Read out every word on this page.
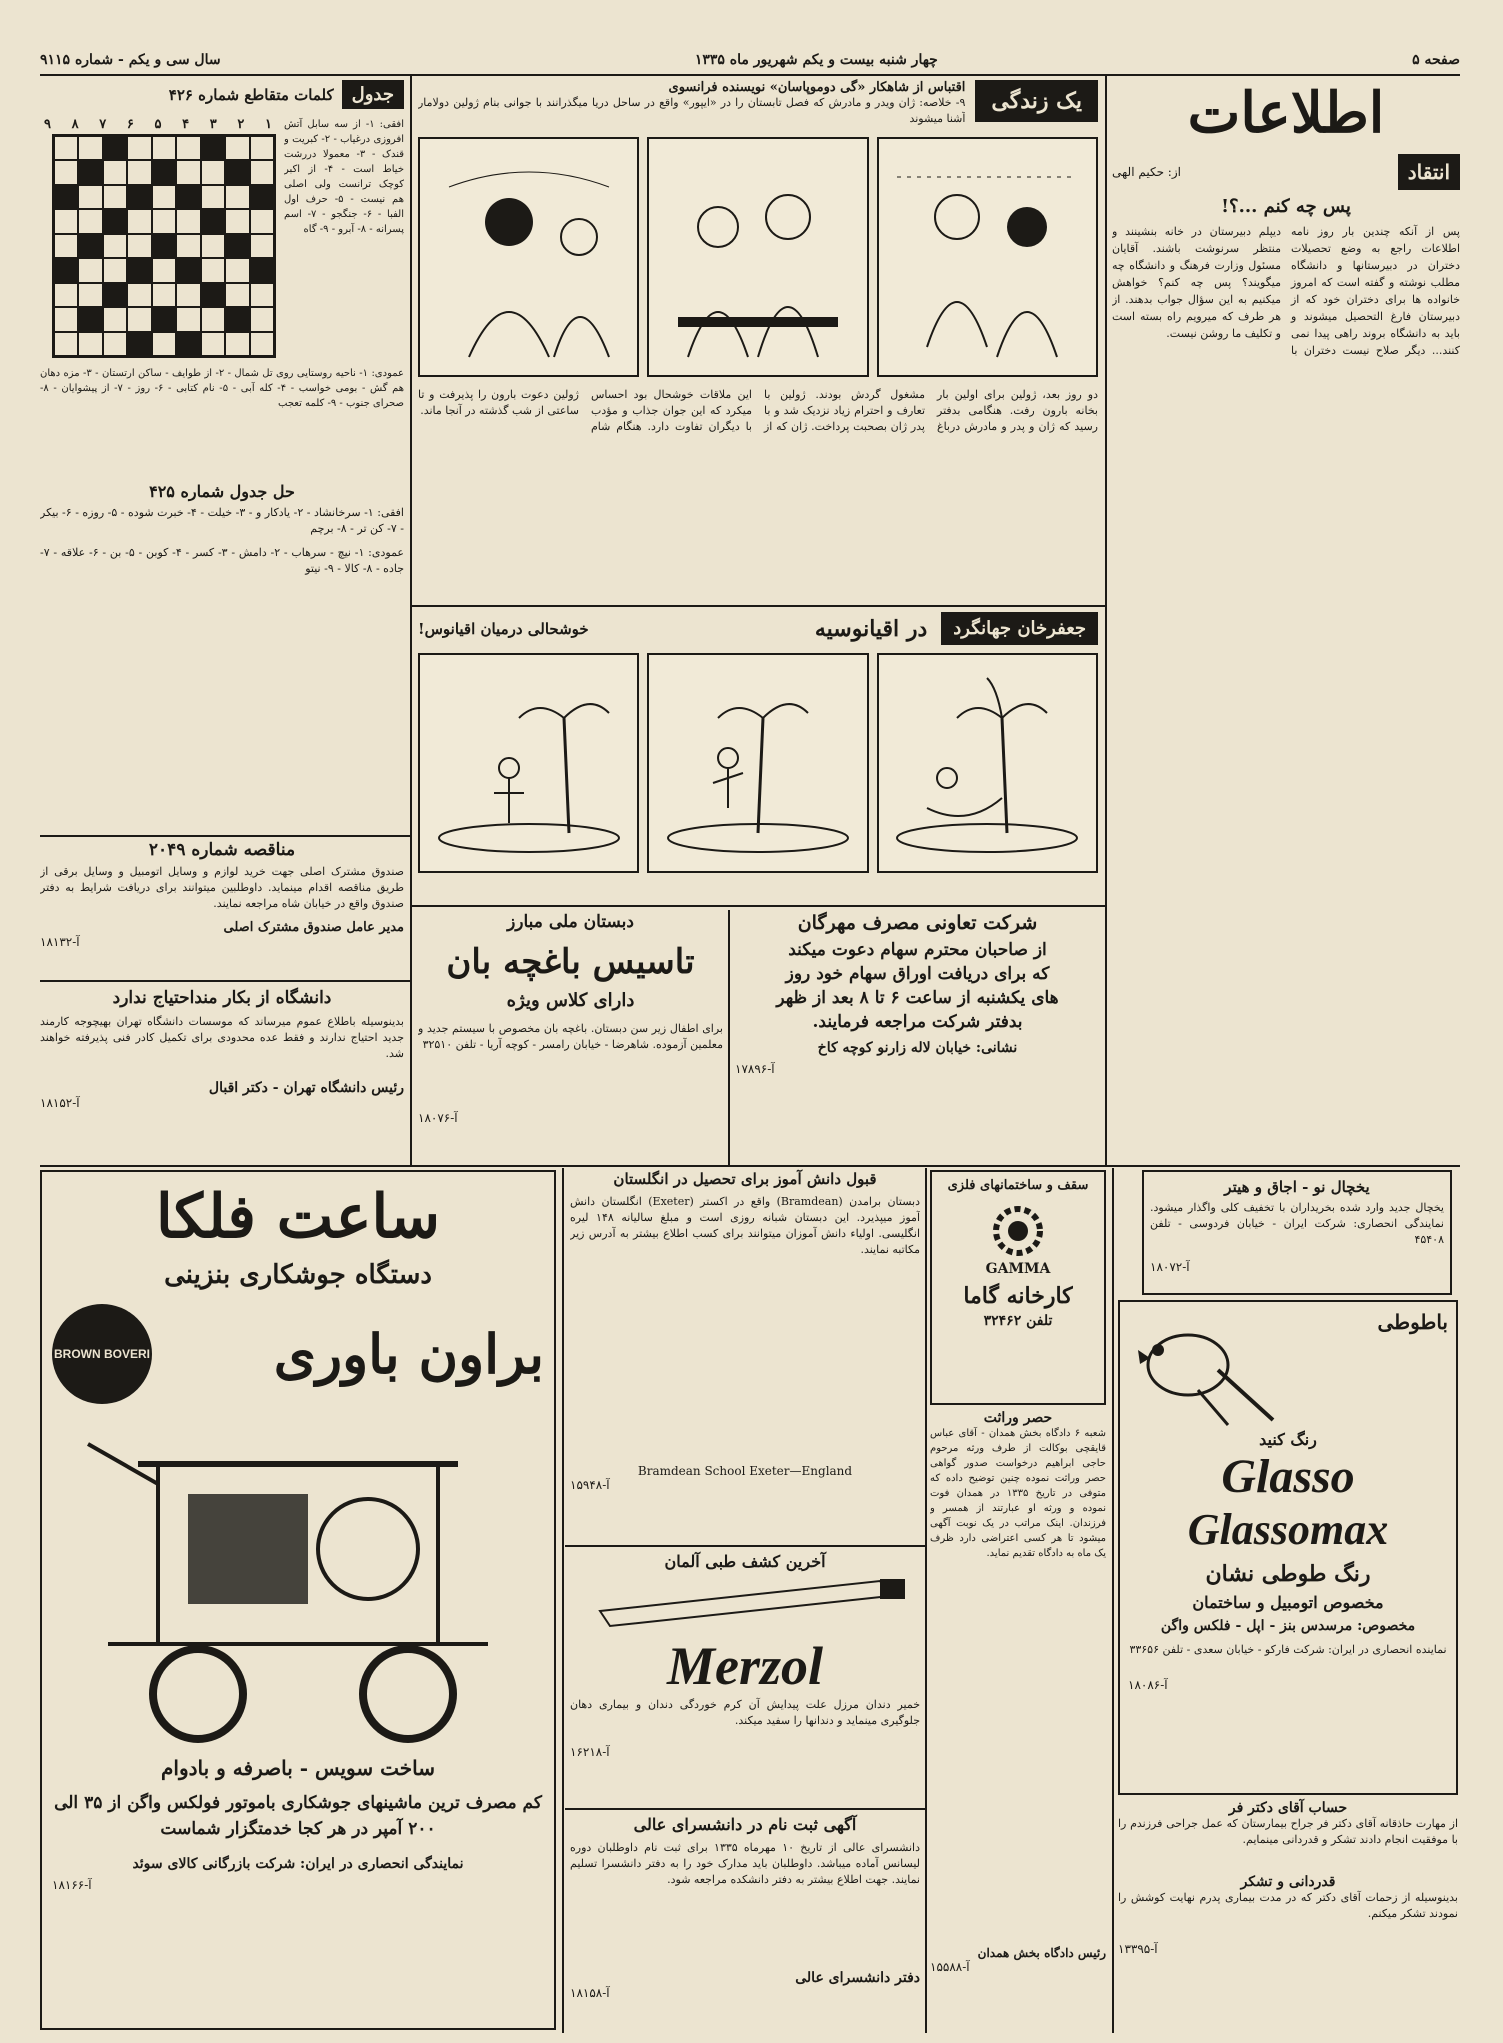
صفحه ۵
چهار شنبه بیست و یکم شهریور ماه ۱۳۳۵
سال سی و یکم - شماره ۹۱۱۵
اطلاعات
انتقاد
از: حکیم الهی
پس چه کنم ...؟!
پس از آنکه چندین بار روز نامه اطلاعات راجع به وضع تحصیلات دختران در دبیرستانها و دانشگاه مطلب نوشته و گفته است که امروز خانواده ها برای دختران خود که از دبیرستان فارغ التحصیل میشوند و باید به دانشگاه بروند راهی پیدا نمی کنند... دیگر صلاح نیست دختران با دیپلم دبیرستان در خانه بنشینند و منتظر سرنوشت باشند. آقایان مسئول وزارت فرهنگ و دانشگاه چه میگویند؟ پس چه کنم؟ خواهش میکنیم به این سؤال جواب بدهند. از هر طرف که میرویم راه بسته است و تکلیف ما روشن نیست.
یک زندگی
اقتباس از شاهکار «گی دوموپاسان» نویسنده فرانسوی
۹- خلاصه: ژان ویدر و مادرش که فصل تابستان را در «ایپور» واقع در ساحل دریا میگذرانند با جوانی بنام ژولین دولامار آشنا میشوند
دو روز بعد، ژولین برای اولین بار بخانه بارون رفت. هنگامی بدفتر رسید که ژان و پدر و مادرش درباغ مشغول گردش بودند. ژولین با تعارف و احترام زیاد نزدیک شد و با پدر ژان بصحبت پرداخت. ژان که از این ملاقات خوشحال بود احساس میکرد که این جوان جذاب و مؤدب با دیگران تفاوت دارد. هنگام شام ژولین دعوت بارون را پذیرفت و تا ساعتی از شب گذشته در آنجا ماند.
جعفرخان جهانگرد
در اقیانوسیه
خوشحالی درمیان اقیانوس!
شرکت تعاونی مصرف مهرگان
از صاحبان محترم سهام دعوت میکند
که برای دریافت اوراق سهام خود روز
های یکشنبه از ساعت ۶ تا ۸ بعد از ظهر
بدفتر شرکت مراجعه فرمایند.
نشانی: خیابان لاله زارنو کوچه کاخ
آ-۱۷۸۹۶
دبستان ملی مبارز
تاسیس باغچه بان
دارای کلاس ویژه
برای اطفال زیر سن دبستان. باغچه بان مخصوص با سیستم جدید و معلمین آزموده. شاهرضا - خیابان رامسر - کوچه آریا - تلفن ۳۲۵۱۰
آ-۱۸۰۷۶
جدول
کلمات متقاطع شماره ۴۲۶
افقی: ۱- از سه سابل آتش افروزی درغیاب - ۲- کبریت و قندک - ۳- معمولا دررشت خیاط است - ۴- از اکبر کوچک ترانست ولی اصلی هم نیست - ۵- حرف اول الفبا - ۶- جنگجو - ۷- اسم پسرانه - ۸- آبرو - ۹- گاه
۹ ۸ ۷ ۶ ۵ ۴ ۳ ۲ ۱
عمودی: ۱- ناحیه روستایی روی تل شمال - ۲- از طوایف - ساکن ارتستان - ۳- مزه دهان هم گش - بومی خواسب - ۴- کله آبی - ۵- نام کتابی - ۶- روز - ۷- از پیشوایان - ۸- صحرای جنوب - ۹- کلمه تعجب
حل جدول شماره ۴۲۵
افقی: ۱- سرخانشاد - ۲- یادکار و - ۳- خیلت - ۴- خبرت شوده - ۵- روزه - ۶- بیکر - ۷- کن تر - ۸- برچم
عمودی: ۱- نیچ - سرهاب - ۲- دامش - ۳- کسر - ۴- کوبن - ۵- بن - ۶- علاقه - ۷- جاده - ۸- کالا - ۹- نیتو
مناقصه شماره ۲۰۴۹
صندوق مشترک اصلی جهت خرید لوازم و وسایل اتومبیل و وسایل برقی از طریق مناقصه اقدام مینماید. داوطلبین میتوانند برای دریافت شرایط به دفتر صندوق واقع در خیابان شاه مراجعه نمایند.
مدیر عامل صندوق مشترک اصلی
آ-۱۸۱۳۲
دانشگاه از بکار منداحتیاج ندارد
بدینوسیله باطلاع عموم میرساند که موسسات دانشگاه تهران بهیچوجه کارمند جدید احتیاج ندارند و فقط عده محدودی برای تکمیل کادر فنی پذیرفته خواهند شد.
رئیس دانشگاه تهران - دکتر اقبال
آ-۱۸۱۵۲
یخچال نو - اجاق و هیتر
یخچال جدید وارد شده بخریداران با تخفیف کلی واگذار میشود. نمایندگی انحصاری: شرکت ایران - خیابان فردوسی - تلفن ۴۵۴۰۸
آ-۱۸۰۷۲
باطوطی
رنگ کنید
Glasso
Glassomax
رنگ طوطی نشان
مخصوص اتومبیل و ساختمان
مخصوص: مرسدس بنز - اپل - فلکس واگن
نماینده انحصاری در ایران: شرکت فارکو - خیابان سعدی - تلفن ۳۳۶۵۶
آ-۱۸۰۸۶
حساب آقای دکتر فر
از مهارت حاذقانه آقای دکتر فر جراح بیمارستان که عمل جراحی فرزندم را با موفقیت انجام دادند تشکر و قدردانی مینمایم.
قدردانی و تشکر
بدینوسیله از زحمات آقای دکتر که در مدت بیماری پدرم نهایت کوشش را نمودند تشکر میکنم.
آ-۱۳۳۹۵
حصر وراثت
شعبه ۶ دادگاه بخش همدان - آقای عباس قایقچی بوکالت از طرف ورثه مرحوم حاجی ابراهیم درخواست صدور گواهی حصر وراثت نموده چنین توضیح داده که متوفی در تاریخ ۱۳۳۵ در همدان فوت نموده و ورثه او عبارتند از همسر و فرزندان. اینک مراتب در یک نوبت آگهی میشود تا هر کسی اعتراضی دارد ظرف یک ماه به دادگاه تقدیم نماید.
رئیس دادگاه بخش همدان
آ-۱۵۵۸۸
سقف و ساختمانهای فلزی
GAMMA
کارخانه گاما
تلفن ۳۲۴۶۲
قبول دانش آموز برای تحصیل در انگلستان
دبستان برامدن (Bramdean) واقع در اکستر (Exeter) انگلستان دانش آموز میپذیرد. این دبستان شبانه روزی است و مبلغ سالیانه ۱۴۸ لیره انگلیسی. اولیاء دانش آموزان میتوانند برای کسب اطلاع بیشتر به آدرس زیر مکاتبه نمایند.
Bramdean School Exeter—England
آ-۱۵۹۴۸
آخرین کشف طبی آلمان
Merzol
خمیر دندان مرزل علت پیدایش آن کرم خوردگی دندان و بیماری دهان جلوگیری مینماید و دندانها را سفید میکند.
آ-۱۶۲۱۸
آگهی ثبت نام در دانشسرای عالی
دانشسرای عالی از تاریخ ۱۰ مهرماه ۱۳۳۵ برای ثبت نام داوطلبان دوره لیسانس آماده میباشد. داوطلبان باید مدارک خود را به دفتر دانشسرا تسلیم نمایند. جهت اطلاع بیشتر به دفتر دانشکده مراجعه شود.
دفتر دانشسرای عالی
آ-۱۸۱۵۸
ساعت فلکا
دستگاه جوشکاری بنزینی
براون باوری
BROWN BOVERI
ساخت سویس - باصرفه و بادوام
کم مصرف ترین ماشینهای جوشکاری باموتور فولکس واگن از ۳۵ الی ۲۰۰ آمپر در هر کجا خدمتگزار شماست
نمایندگی انحصاری در ایران: شرکت بازرگانی کالای سوئد
آ-۱۸۱۶۶
